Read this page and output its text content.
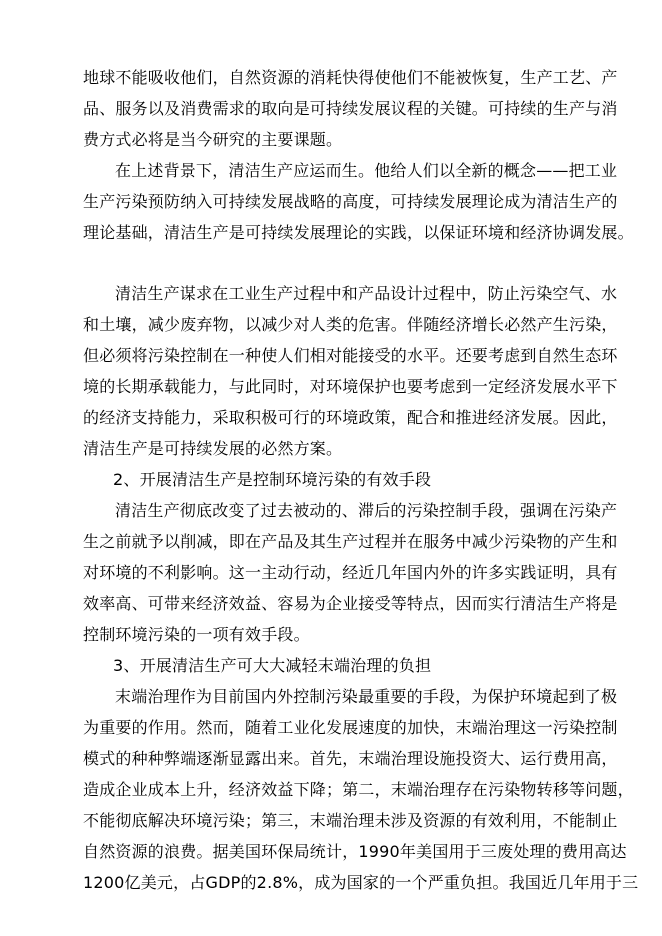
地球不能吸收他们，自然资源的消耗快得使他们不能被恢复，生产工艺、产
品、服务以及消费需求的取向是可持续发展议程的关键。可持续的生产与消
费方式必将是当今研究的主要课题。
在上述背景下，清洁生产应运而生。他给人们以全新的概念——把工业
生产污染预防纳入可持续发展战略的高度，可持续发展理论成为清洁生产的
理论基础，清洁生产是可持续发展理论的实践，以保证环境和经济协调发展。
清洁生产谋求在工业生产过程中和产品设计过程中，防止污染空气、水
和土壤，减少废弃物，以减少对人类的危害。伴随经济增长必然产生污染，
但必须将污染控制在一种使人们相对能接受的水平。还要考虑到自然生态环
境的长期承载能力，与此同时，对环境保护也要考虑到一定经济发展水平下
的经济支持能力，采取积极可行的环境政策，配合和推进经济发展。因此，
清洁生产是可持续发展的必然方案。
2、开展清洁生产是控制环境污染的有效手段
清洁生产彻底改变了过去被动的、滞后的污染控制手段，强调在污染产
生之前就予以削减，即在产品及其生产过程并在服务中减少污染物的产生和
对环境的不利影响。这一主动行动，经近几年国内外的许多实践证明，具有
效率高、可带来经济效益、容易为企业接受等特点，因而实行清洁生产将是
控制环境污染的一项有效手段。
3、开展清洁生产可大大减轻末端治理的负担
末端治理作为目前国内外控制污染最重要的手段，为保护环境起到了极
为重要的作用。然而，随着工业化发展速度的加快，末端治理这一污染控制
模式的种种弊端逐渐显露出来。首先，末端治理设施投资大、运行费用高，
造成企业成本上升，经济效益下降；第二，末端治理存在污染物转移等问题，
不能彻底解决环境污染；第三，末端治理未涉及资源的有效利用，不能制止
自然资源的浪费。据美国环保局统计，1990年美国用于三废处理的费用高达
1200亿美元，占GDP的2.8%，成为国家的一个严重负担。我国近几年用于三
